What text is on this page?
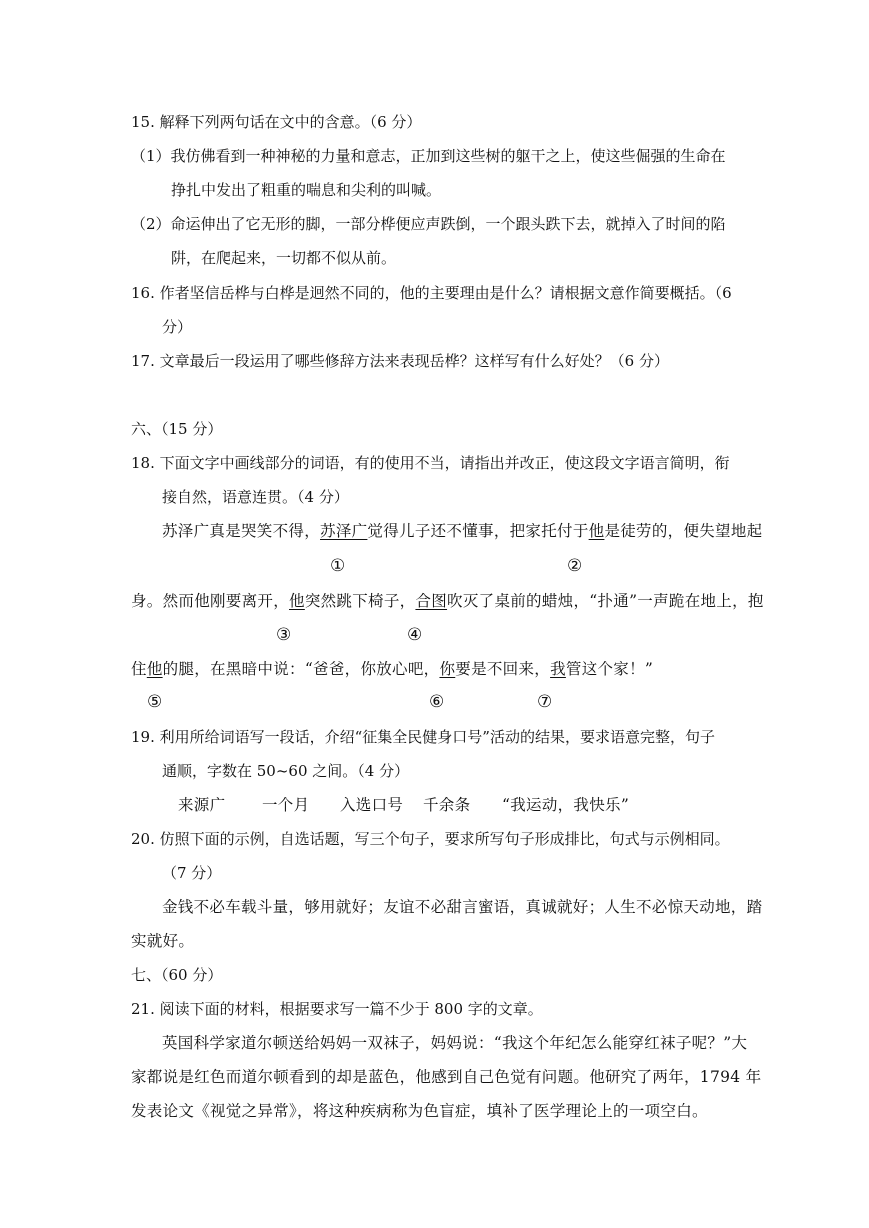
15. 解释下列两句话在文中的含意。（6 分）
（1）我仿佛看到一种神秘的力量和意志，正加到这些树的躯干之上，使这些倔强的生命在
挣扎中发出了粗重的喘息和尖利的叫喊。
（2）命运伸出了它无形的脚，一部分桦便应声跌倒，一个跟头跌下去，就掉入了时间的陷
阱，在爬起来，一切都不似从前。
16. 作者坚信岳桦与白桦是迥然不同的，他的主要理由是什么？请根据文意作简要概括。（6
分）
17. 文章最后一段运用了哪些修辞方法来表现岳桦？这样写有什么好处？（6 分）
六、（15 分）
18. 下面文字中画线部分的词语，有的使用不当，请指出并改正，使这段文字语言简明，衔
接自然，语意连贯。（4 分）
苏泽广真是哭笑不得，苏泽广觉得儿子还不懂事，把家托付于他是徒劳的，便失望地起
①	②
身。然而他刚要离开，他突然跳下椅子，合图吹灭了桌前的蜡烛，“扑通”一声跪在地上，抱
③	④
住他的腿，在黑暗中说：“爸爸，你放心吧，你要是不回来，我管这个家！”
⑤	⑥	⑦
19. 利用所给词语写一段话，介绍“征集全民健身口号”活动的结果，要求语意完整，句子
通顺，字数在 50~60 之间。（4 分）
来源广 一个月 入选口号 千余条 “我运动，我快乐”
20. 仿照下面的示例，自选话题，写三个句子，要求所写句子形成排比，句式与示例相同。
（7 分）
金钱不必车载斗量，够用就好；友谊不必甜言蜜语，真诚就好；人生不必惊天动地，踏
实就好。
七、（60 分）
21. 阅读下面的材料，根据要求写一篇不少于 800 字的文章。
英国科学家道尔顿送给妈妈一双袜子，妈妈说：“我这个年纪怎么能穿红袜子呢？”大
家都说是红色而道尔顿看到的却是蓝色，他感到自己色觉有问题。他研究了两年，1794 年
发表论文《视觉之异常》，将这种疾病称为色盲症，填补了医学理论上的一项空白。
